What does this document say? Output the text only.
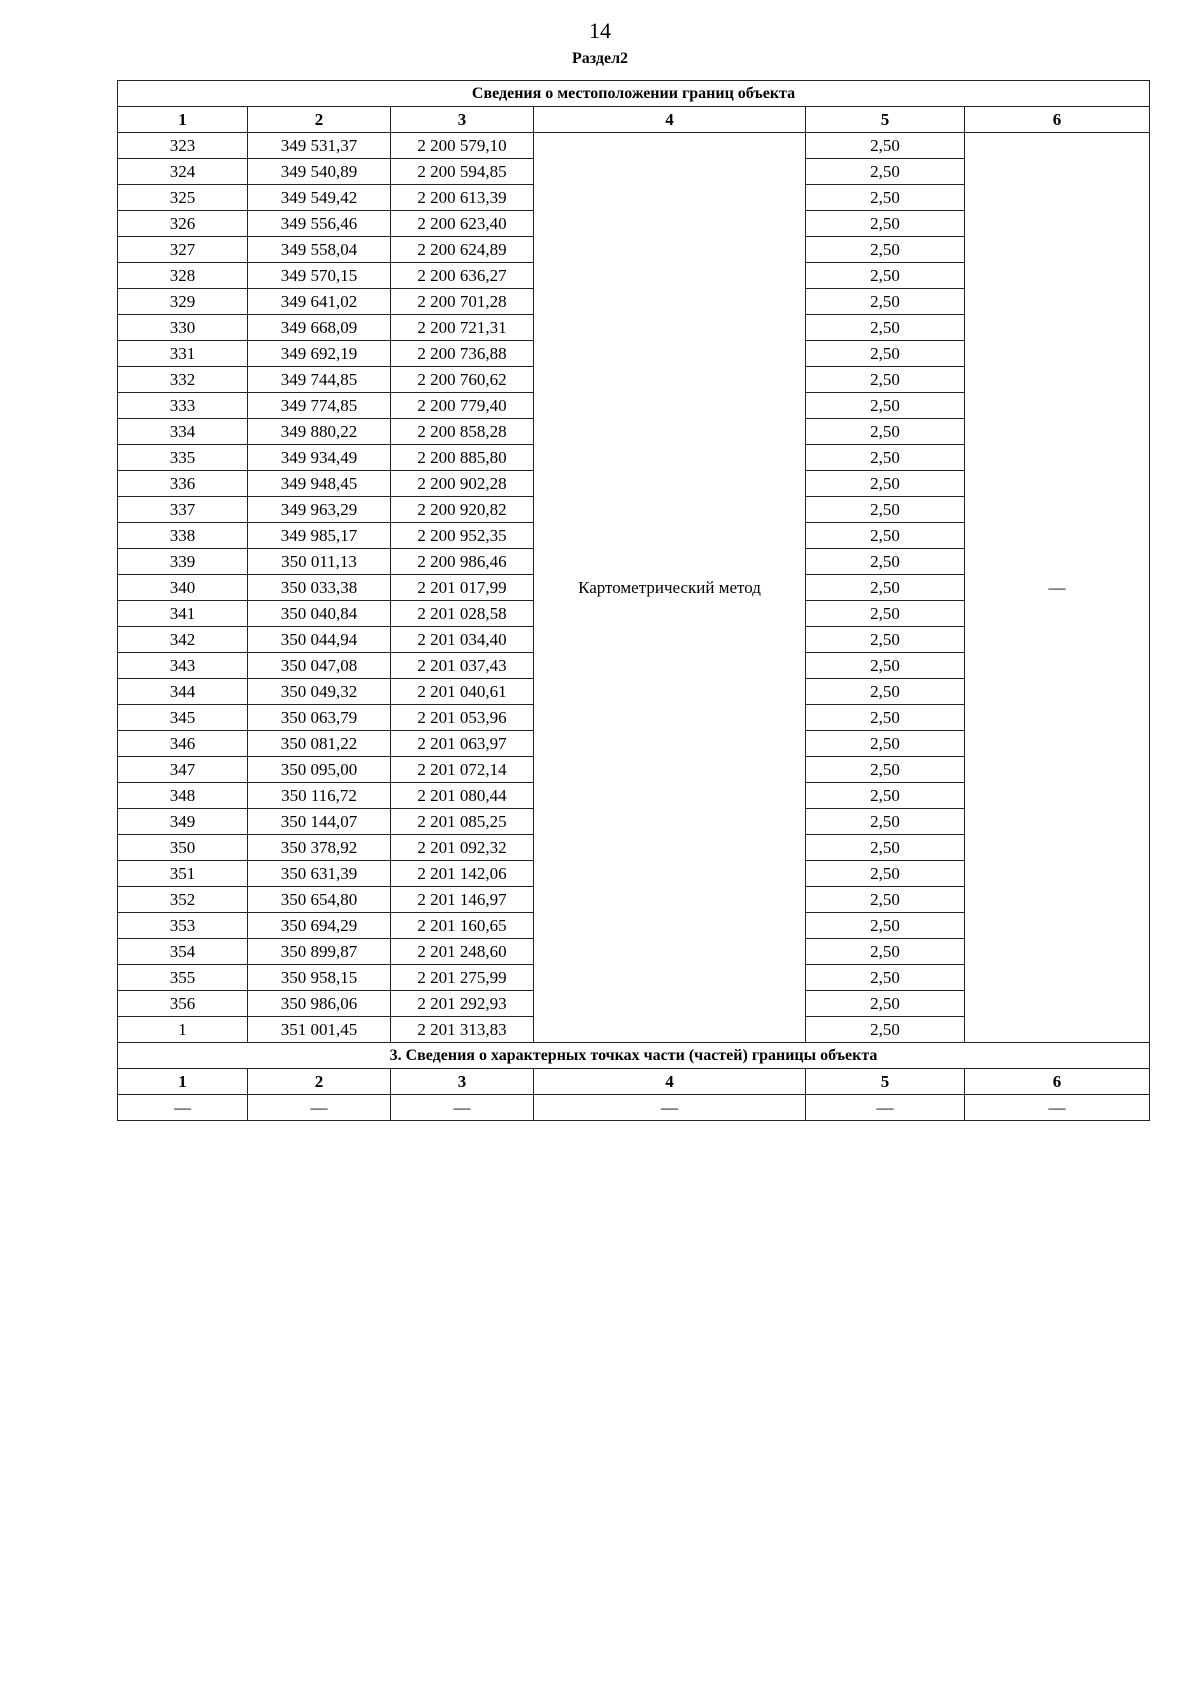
14
Раздел2
Сведения о местоположении границ объекта					
1	2	3	4	5	6
323	349 531,37	2 200 579,10	Картометрический метод	2,50	—
324	349 540,89	2 200 594,85		2,50	
325	349 549,42	2 200 613,39		2,50	
326	349 556,46	2 200 623,40		2,50	
327	349 558,04	2 200 624,89		2,50	
328	349 570,15	2 200 636,27		2,50	
329	349 641,02	2 200 701,28		2,50	
330	349 668,09	2 200 721,31		2,50	
331	349 692,19	2 200 736,88		2,50	
332	349 744,85	2 200 760,62		2,50	
333	349 774,85	2 200 779,40		2,50	
334	349 880,22	2 200 858,28		2,50	
335	349 934,49	2 200 885,80		2,50	
336	349 948,45	2 200 902,28		2,50	
337	349 963,29	2 200 920,82		2,50	
338	349 985,17	2 200 952,35		2,50	
339	350 011,13	2 200 986,46		2,50	
340	350 033,38	2 201 017,99		2,50	
341	350 040,84	2 201 028,58		2,50	
342	350 044,94	2 201 034,40		2,50	
343	350 047,08	2 201 037,43		2,50	
344	350 049,32	2 201 040,61		2,50	
345	350 063,79	2 201 053,96		2,50	
346	350 081,22	2 201 063,97		2,50	
347	350 095,00	2 201 072,14		2,50	
348	350 116,72	2 201 080,44		2,50	
349	350 144,07	2 201 085,25		2,50	
350	350 378,92	2 201 092,32		2,50	
351	350 631,39	2 201 142,06		2,50	
352	350 654,80	2 201 146,97		2,50	
353	350 694,29	2 201 160,65		2,50	
354	350 899,87	2 201 248,60		2,50	
355	350 958,15	2 201 275,99		2,50	
356	350 986,06	2 201 292,93		2,50	
1	351 001,45	2 201 313,83		2,50	
3. Сведения о характерных точках части (частей) границы объекта					
1	2	3	4	5	6
—	—	—	—	—	—
